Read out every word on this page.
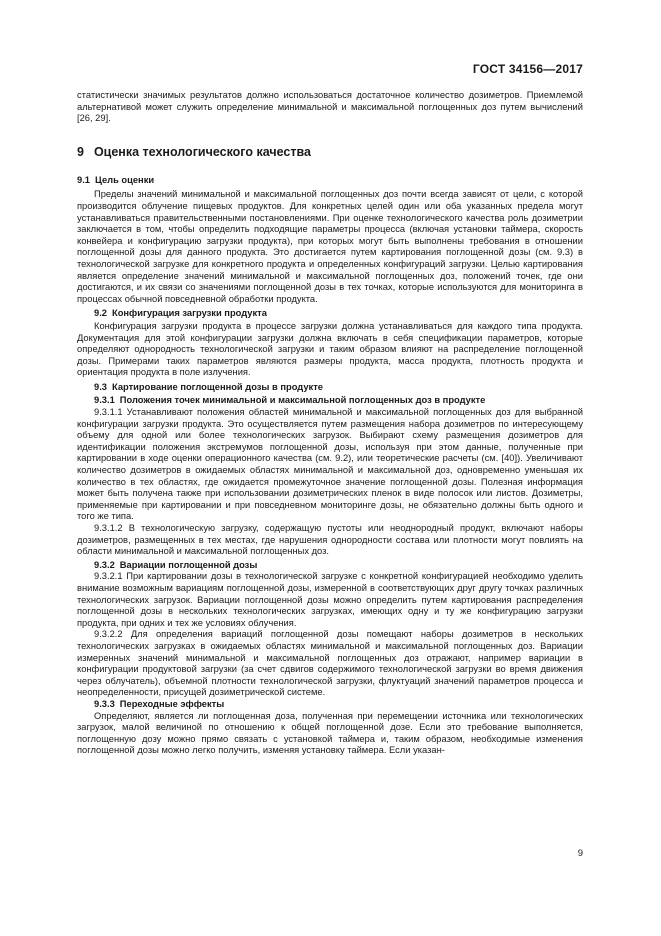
ГОСТ 34156—2017

статистически значимых результатов должно использоваться достаточное количество дозиметров. Приемлемой альтернативой может служить определение минимальной и максимальной поглощенных доз путем вычислений [26, 29].

9 Оценка технологического качества
9.1 Цель оценки

Пределы значений минимальной и максимальной поглощенных доз почти всегда зависят от цели, с которой производится облучение пищевых продуктов. Для конкретных целей один или оба указанных предела могут устанавливаться правительственными постановлениями. При оценке технологического качества роль дозиметрии заключается в том, чтобы определить подходящие параметры процесса (включая установки таймера, скорость конвейера и конфигурацию загрузки продукта), при которых могут быть выполнены требования в отношении поглощенной дозы для данного продукта. Это достигается путем картирования поглощенной дозы (см. 9.3) в технологической загрузке для конкретного продукта и определенных конфигураций загрузки. Целью картирования является определение значений минимальной и максимальной поглощенных доз, положений точек, где они достигаются, и их связи со значениями поглощенной дозы в тех точках, которые используются для мониторинга в процессах обычной повседневной обработки продукта.

9.2 Конфигурация загрузки продукта

Конфигурация загрузки продукта в процессе загрузки должна устанавливаться для каждого типа продукта. Документация для этой конфигурации загрузки должна включать в себя спецификации параметров, которые определяют однородность технологической загрузки и таким образом влияют на распределение поглощенной дозы. Примерами таких параметров являются размеры продукта, масса продукта, плотность продукта и ориентация продукта в поле излучения.

9.3 Картирование поглощенной дозы в продукте
9.3.1 Положения точек минимальной и максимальной поглощенных доз в продукте

9.3.1.1 Устанавливают положения областей минимальной и максимальной поглощенных доз для выбранной конфигурации загрузки продукта. Это осуществляется путем размещения набора дозиметров по интересующему объему для одной или более технологических загрузок. Выбирают схему размещения дозиметров для идентификации положения экстремумов поглощенной дозы, используя при этом данные, полученные при картировании в ходе оценки операционного качества (см. 9.2), или теоретические расчеты (см. [40]). Увеличивают количество дозиметров в ожидаемых областях минимальной и максимальной доз, одновременно уменьшая их количество в тех областях, где ожидается промежуточное значение поглощенной дозы. Полезная информация может быть получена также при использовании дозиметрических пленок в виде полосок или листов. Дозиметры, применяемые при картировании и при повседневном мониторинге дозы, не обязательно должны быть одного и того же типа.

9.3.1.2 В технологическую загрузку, содержащую пустоты или неоднородный продукт, включают наборы дозиметров, размещенных в тех местах, где нарушения однородности состава или плотности могут повлиять на области минимальной и максимальной поглощенных доз.

9.3.2 Вариации поглощенной дозы

9.3.2.1 При картировании дозы в технологической загрузке с конкретной конфигурацией необходимо уделить внимание возможным вариациям поглощенной дозы, измеренной в соответствующих друг другу точках различных технологических загрузок. Вариации поглощенной дозы можно определить путем картирования распределения поглощенной дозы в нескольких технологических загрузках, имеющих одну и ту же конфигурацию загрузки продукта, при одних и тех же условиях облучения.

9.3.2.2 Для определения вариаций поглощенной дозы помещают наборы дозиметров в нескольких технологических загрузках в ожидаемых областях минимальной и максимальной поглощенных доз. Вариации измеренных значений минимальной и максимальной поглощенных доз отражают, например вариации в конфигурации продуктовой загрузки (за счет сдвигов содержимого технологической загрузки во время движения через облучатель), объемной плотности технологической загрузки, флуктуаций значений параметров процесса и неопределенности, присущей дозиметрической системе.

9.3.3 Переходные эффекты

Определяют, является ли поглощенная доза, полученная при перемещении источника или технологических загрузок, малой величиной по отношению к общей поглощенной дозе. Если это требование выполняется, поглощенную дозу можно прямо связать с установкой таймера и, таким образом, необходимые изменения поглощенной дозы можно легко получить, изменяя установку таймера. Если указан-

9
